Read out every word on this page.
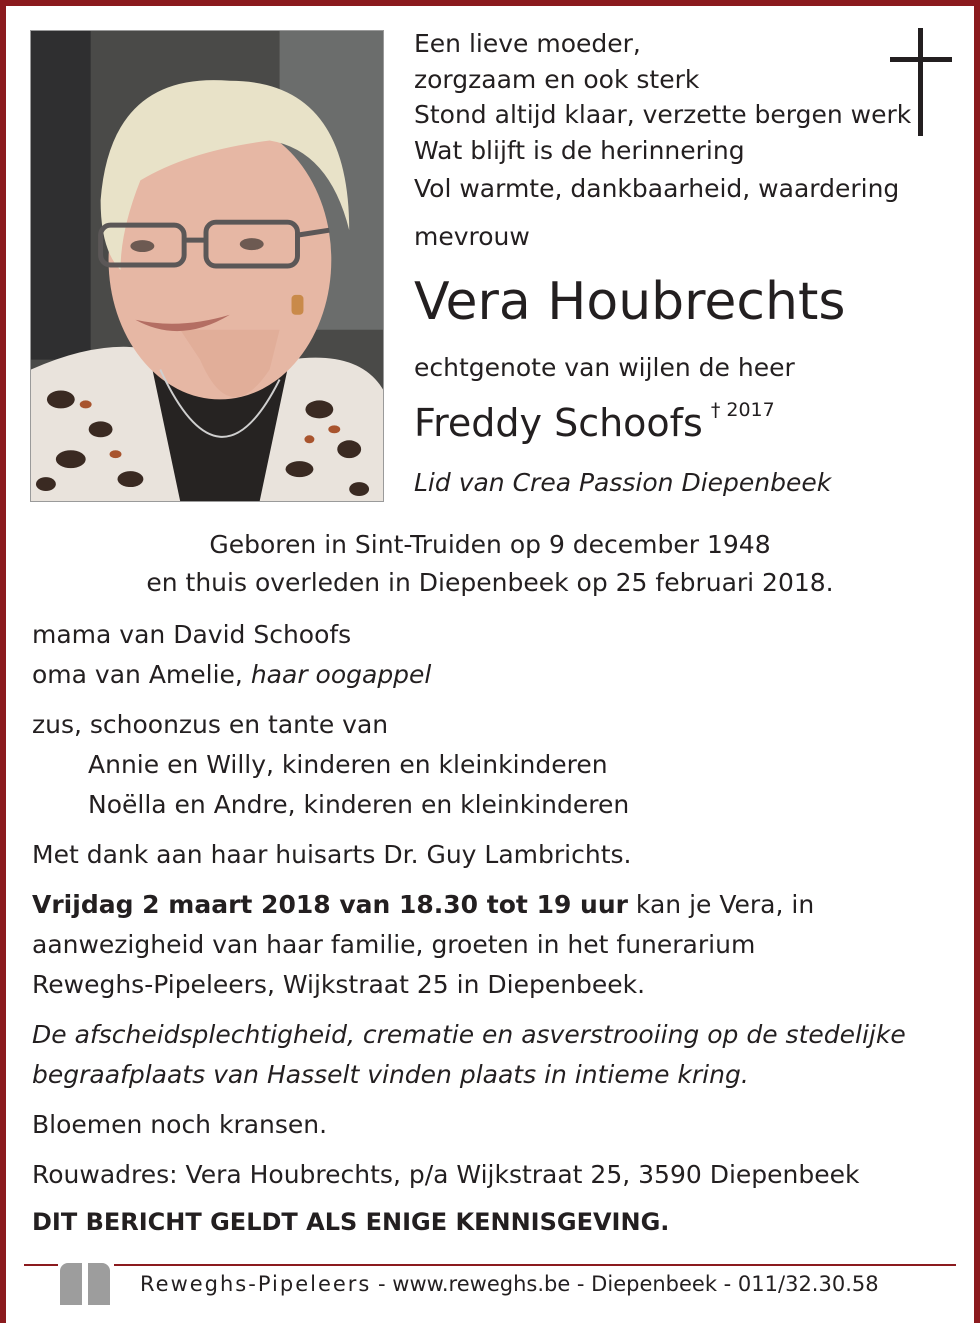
Een lieve moeder,
zorgzaam en ook sterk
Stond altijd klaar, verzette bergen werk
Wat blijft is de herinnering
Vol warmte, dankbaarheid, waardering
mevrouw
Vera Houbrechts
echtgenote van wijlen de heer
Freddy Schoofs $^{\dagger 2017}$
Lid van Crea Passion Diepenbeek
Geboren in Sint-Truiden op 9 december 1948
en thuis overleden in Diepenbeek op 25 februari 2018.
mama van David Schoofs
oma van Amelie, haar oogappel
zus, schoonzus en tante van
Annie en Willy, kinderen en kleinkinderen
Noëlla en Andre, kinderen en kleinkinderen
Met dank aan haar huisarts Dr. Guy Lambrichts.
Vrijdag 2 maart 2018 van 18.30 tot 19 uur kan je Vera, in
aanwezigheid van haar familie, groeten in het funerarium
Reweghs-Pipeleers, Wijkstraat 25 in Diepenbeek.
De afscheidsplechtigheid, crematie en asverstrooiing op de stedelijke
begraafplaats van Hasselt vinden plaats in intieme kring.
Bloemen noch kransen.
Rouwadres: Vera Houbrechts, p/a Wijkstraat 25, 3590 Diepenbeek
DIT BERICHT GELDT ALS ENIGE KENNISGEVING.
Reweghs-Pipeleers - www.reweghs.be - Diepenbeek - 011/32.30.58
